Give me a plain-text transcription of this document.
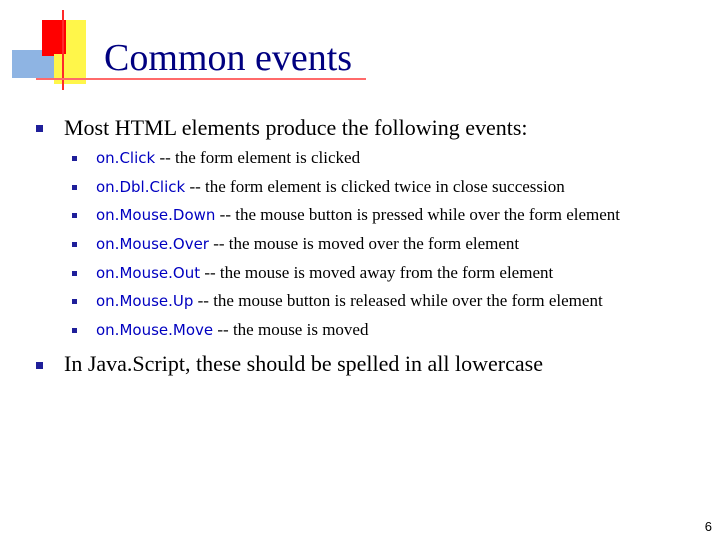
Common events
Most HTML elements produce the following events:
on.Click -- the form element is clicked
on.Dbl.Click -- the form element is clicked twice in close succession
on.Mouse.Down -- the mouse button is pressed while over the form element
on.Mouse.Over -- the mouse is moved over the form element
on.Mouse.Out -- the mouse is moved away from the form element
on.Mouse.Up -- the mouse button is released while over the form element
on.Mouse.Move -- the mouse is moved
In Java.Script, these should be spelled in all lowercase
6
